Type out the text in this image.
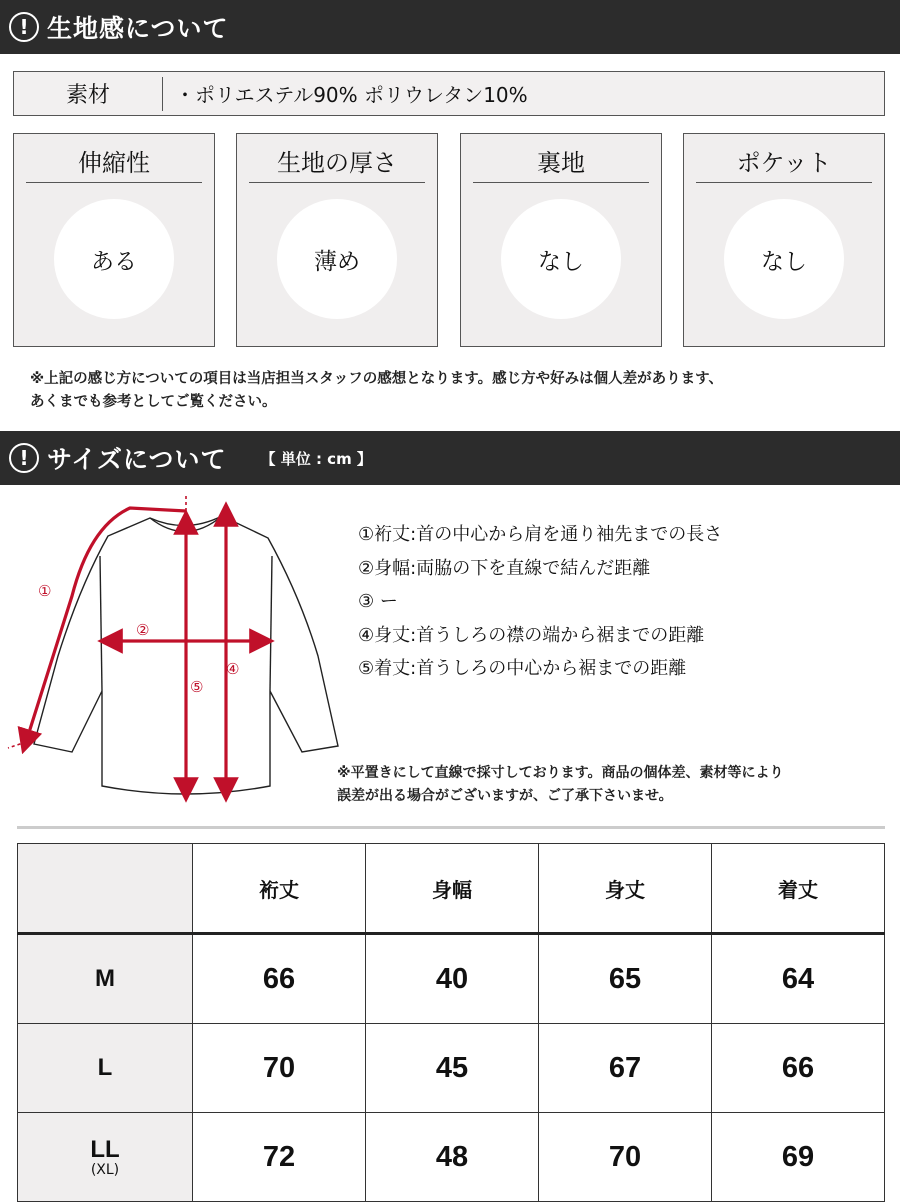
! 生地感について
素材	・ポリエステル90% ポリウレタン10%
伸縮性
ある
生地の厚さ
薄め
裏地
なし
ポケット
なし
※上記の感じ方についての項目は当店担当スタッフの感想となります。感じ方や好みは個人差があります、
あくまでも参考としてご覧ください。
! サイズについて 【 単位 : cm 】
①
②
④
⑤
①裄丈:首の中心から肩を通り袖先までの長さ
②身幅:両脇の下を直線で結んだ距離
③ ー
④身丈:首うしろの襟の端から裾までの距離
⑤着丈:首うしろの中心から裾までの距離
※平置きにして直線で採寸しております。商品の個体差、素材等により
誤差が出る場合がございますが、ご了承下さいませ。
	裄丈	身幅	身丈	着丈
M	66	40	65	64
L	70	45	67	66

LL
(XL)	72	48	70	69
